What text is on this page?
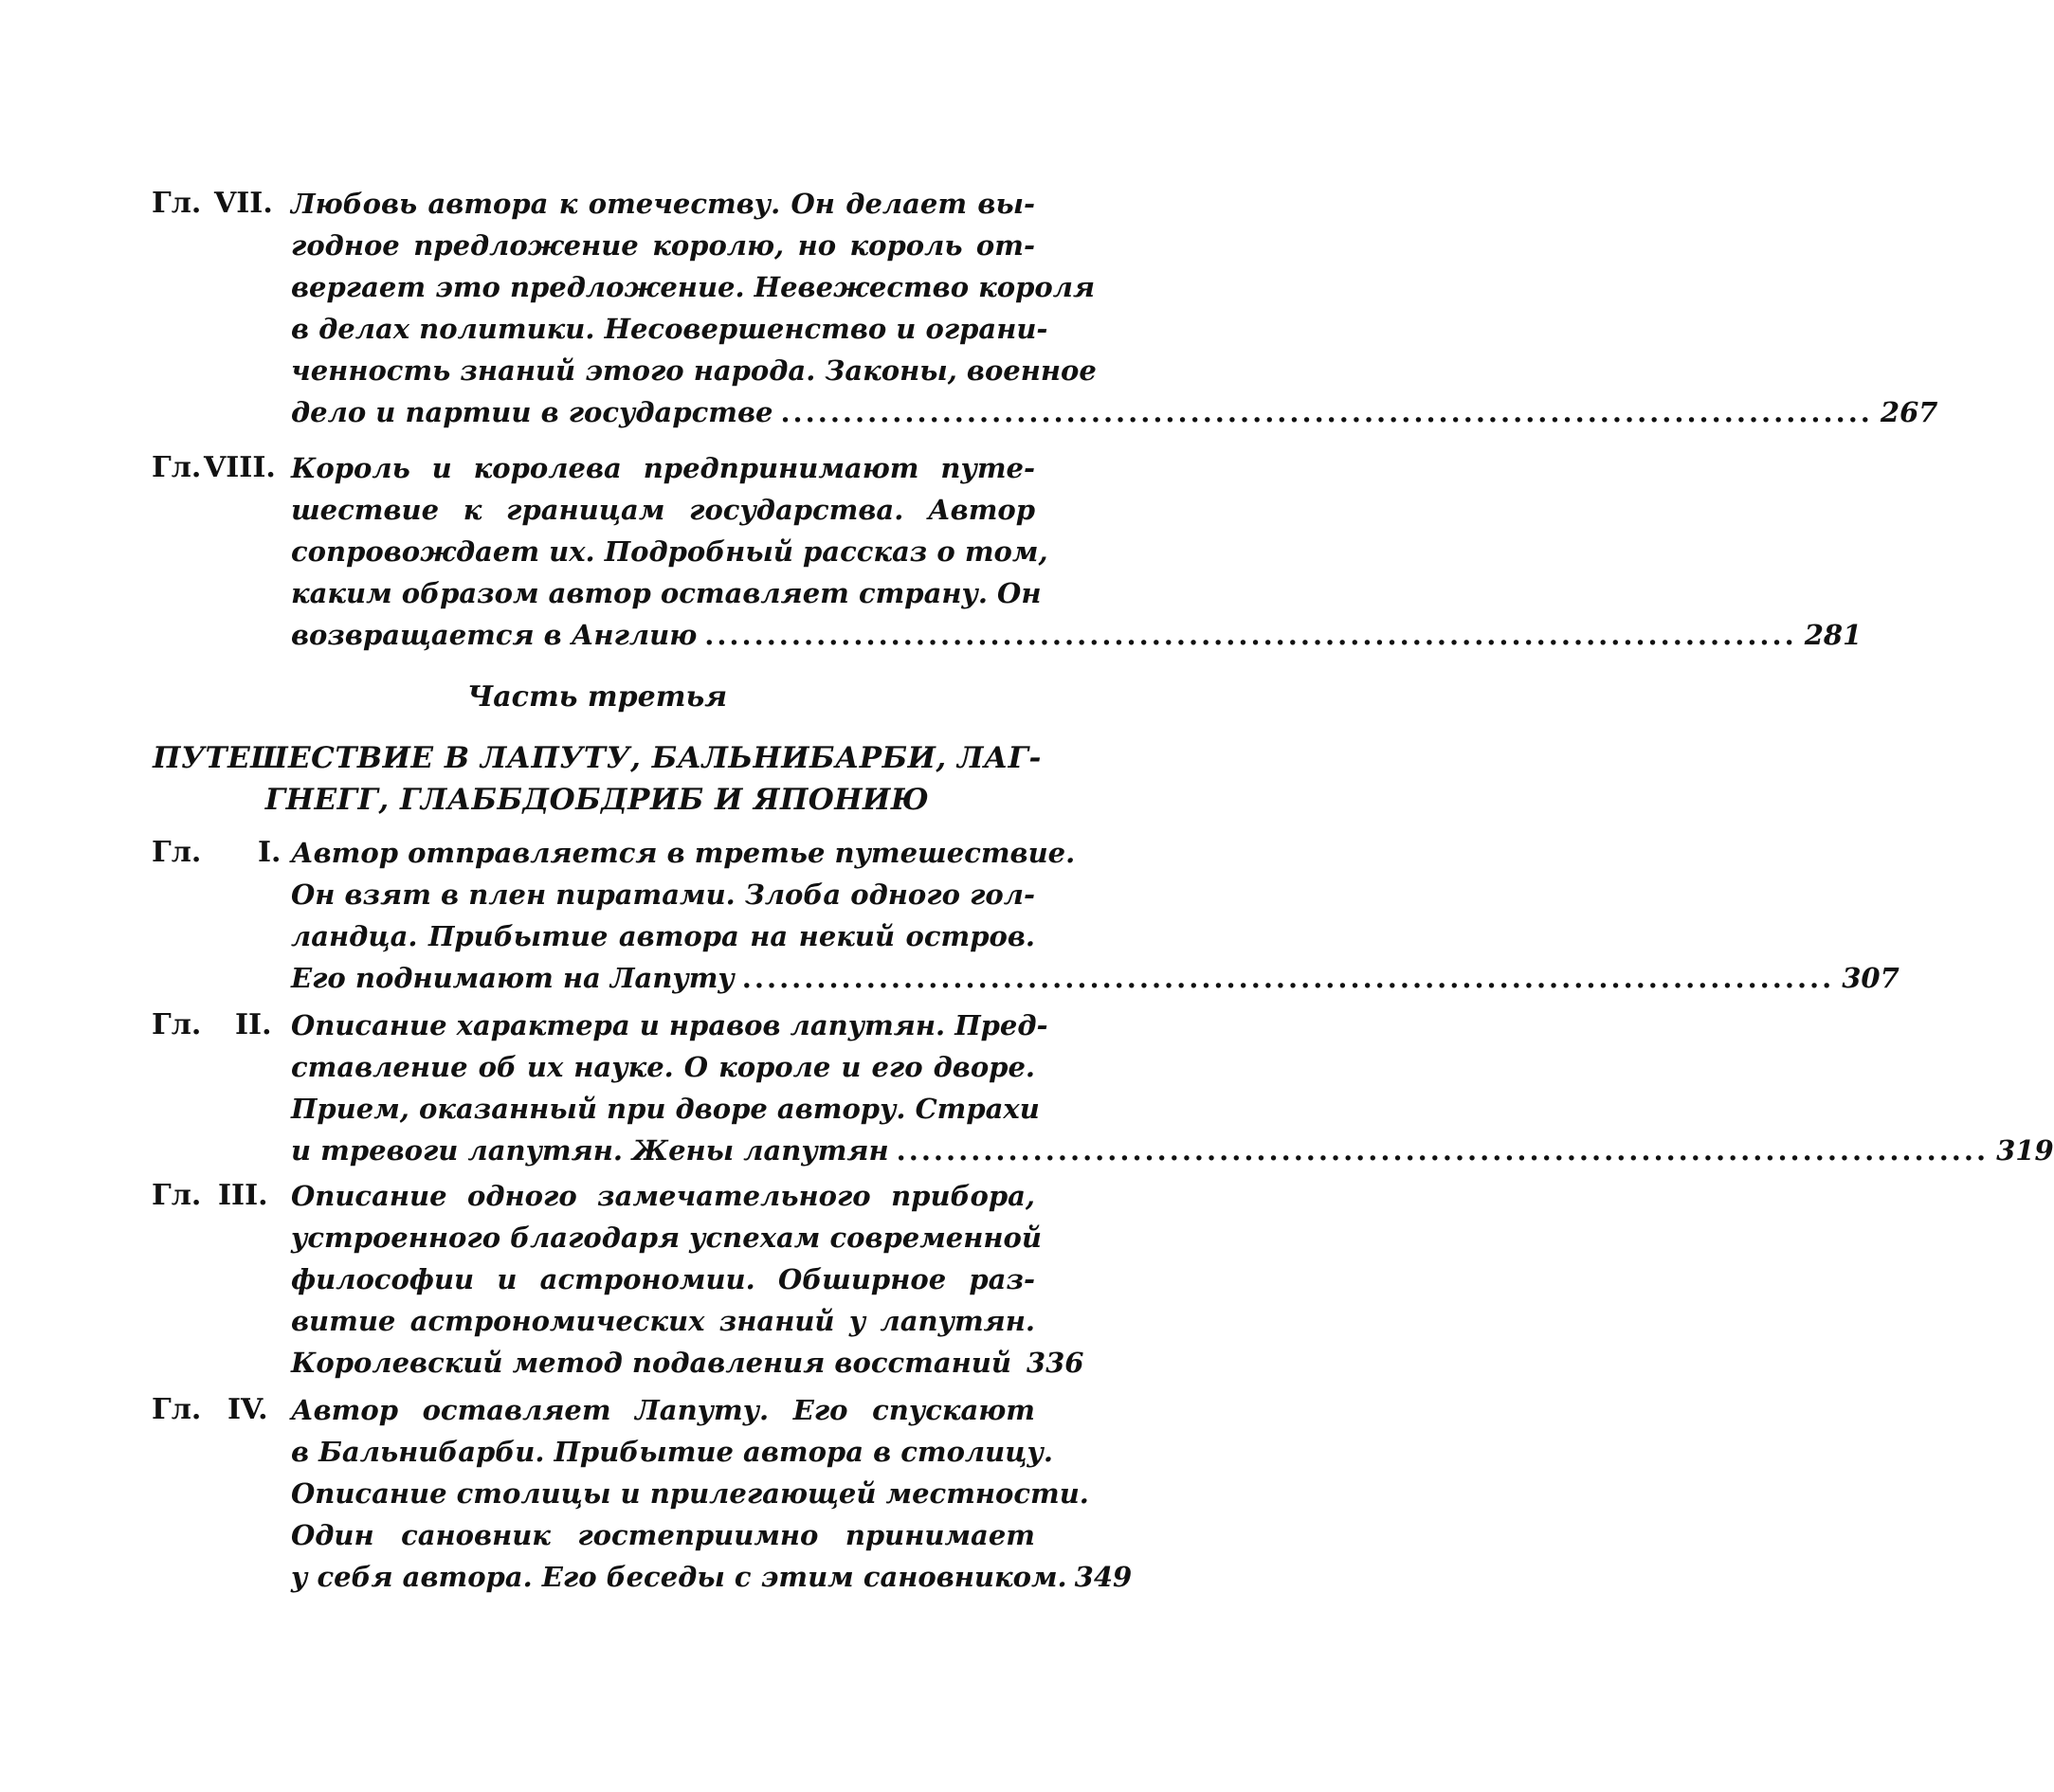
Гл. VII. Любовь автора к отечеству. Он делает вы-
годное предложение королю, но король от-
вергает это предложение. Невежество короля
в делах политики. Несовершенство и ограни-
ченность знаний этого народа. Законы, военное
дело и партии в государстве ........................................................................................ 267
Гл. VIII. Король и королева предпринимают путе-
шествие к границам государства. Автор
сопровождает их. Подробный рассказ о том,
каким образом автор оставляет страну. Он
возвращается в Англию ........................................................................................ 281
Часть третья
ПУТЕШЕСТВИЕ В ЛАПУТУ, БАЛЬНИБАРБИ, ЛАГ-
ГНЕГГ, ГЛАББДОБДРИБ И ЯПОНИЮ
Гл. I. Автор отправляется в третье путешествие.
Он взят в плен пиратами. Злоба одного гол-
ландца. Прибытие автора на некий остров.
Его поднимают на Лапуту ........................................................................................ 307
Гл. II. Описание характера и нравов лапутян. Пред-
ставление об их науке. О короле и его дворе.
Прием, оказанный при дворе автору. Страхи
и тревоги лапутян. Жены лапутян ........................................................................................ 319
Гл. III. Описание одного замечательного прибора,
устроенного благодаря успехам современной
философии и астрономии. Обширное раз-
витие астрономических знаний у лапутян.
Королевский метод подавления восстаний 336
Гл. IV. Автор оставляет Лапуту. Его спускают
в Бальнибарби. Прибытие автора в столицу.
Описание столицы и прилегающей местности.
Один сановник гостеприимно принимает
у себя автора. Его беседы с этим сановником. 349
